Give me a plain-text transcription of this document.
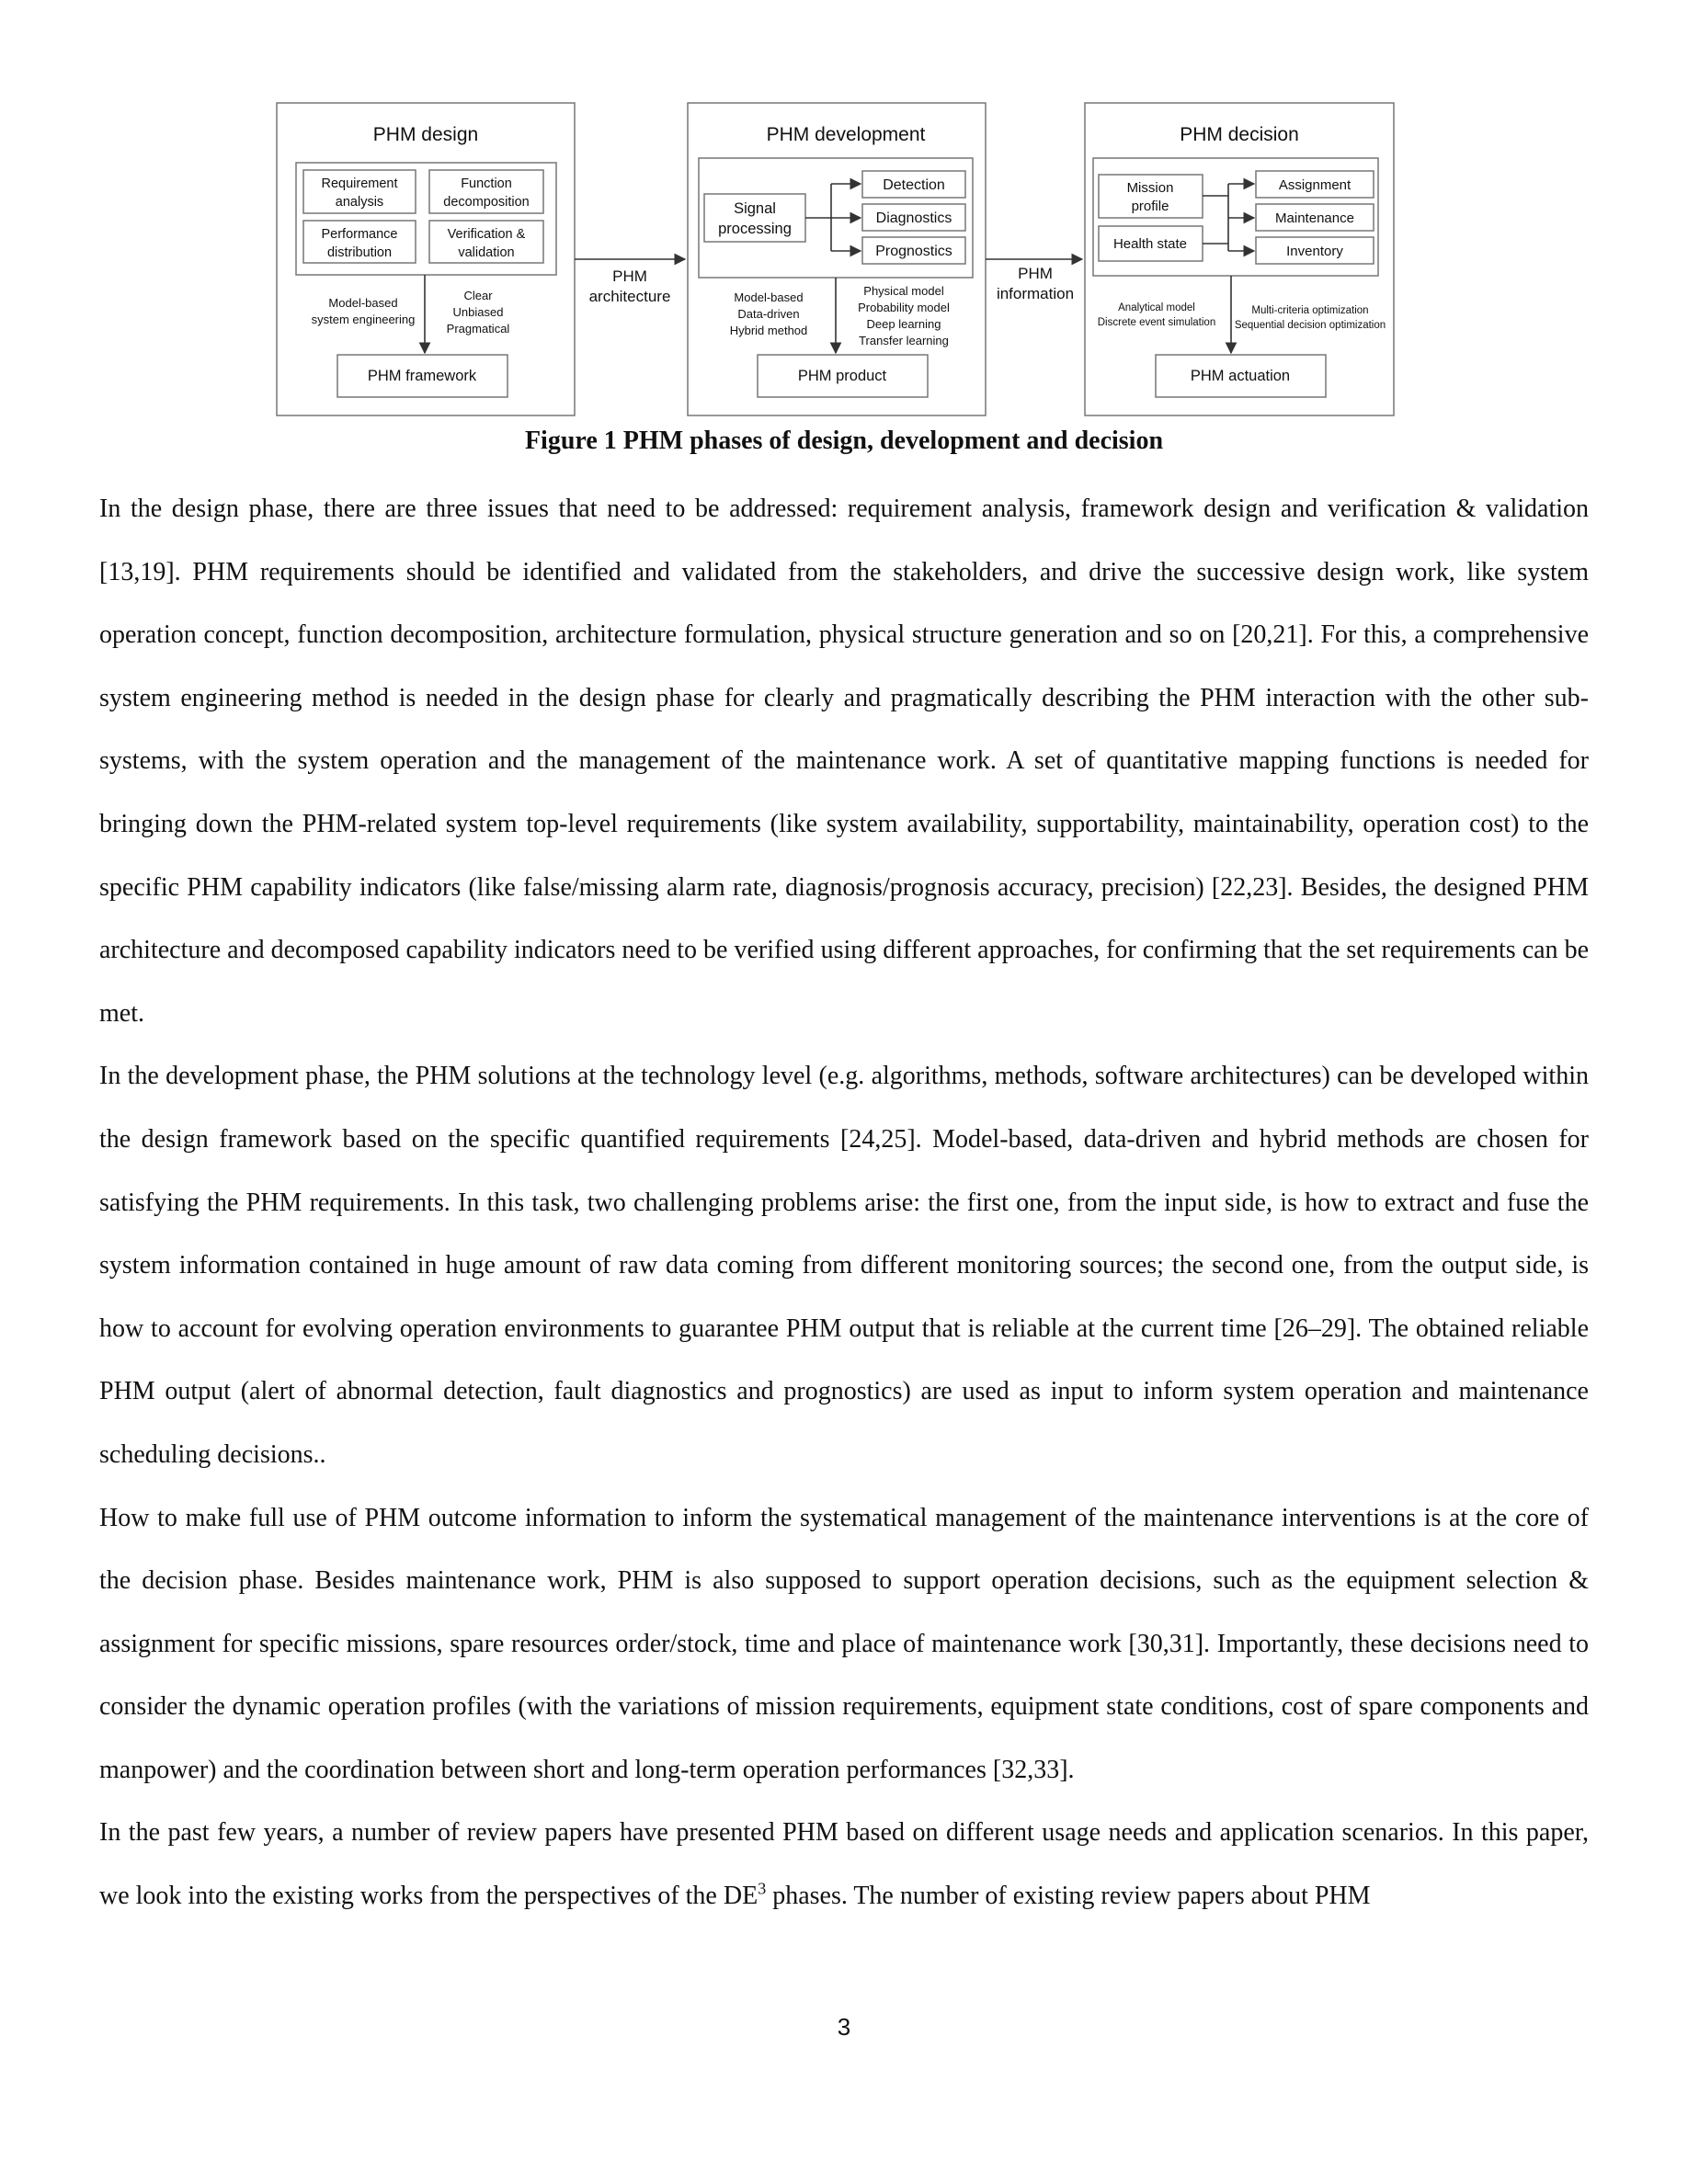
PHM design
Requirement
analysis
Function
decomposition
Performance
distribution
Verification &
validation
Model-based
system engineering
Clear
Unbiased
Pragmatical
PHM framework
PHM
architecture
PHM
information
PHM development
Signal
processing
Detection
Diagnostics
Prognostics
Model-based
Data-driven
Hybrid method
Physical model
Probability model
Deep learning
Transfer learning
PHM product
PHM decision
Mission
profile
Health state
Assignment
Maintenance
Inventory
Analytical model
Discrete event simulation
Multi-criteria optimization
Sequential decision optimization
PHM actuation
Figure 1 PHM phases of design, development and decision

In the design phase, there are three issues that need to be addressed: requirement analysis, framework design and verification & validation [13,19]. PHM requirements should be identified and validated from the stakeholders, and drive the successive design work, like system operation concept, function decomposition, architecture formulation, physical structure generation and so on [20,21]. For this, a comprehensive system engineering method is needed in the design phase for clearly and pragmatically describing the PHM interaction with the other sub-systems, with the system operation and the management of the maintenance work. A set of quantitative mapping functions is needed for bringing down the PHM-related system top-level requirements (like system availability, supportability, maintainability, operation cost) to the specific PHM capability indicators (like false/missing alarm rate, diagnosis/prognosis accuracy, precision) [22,23]. Besides, the designed PHM architecture and decomposed capability indicators need to be verified using different approaches, for confirming that the set requirements can be met.

In the development phase, the PHM solutions at the technology level (e.g. algorithms, methods, software architectures) can be developed within the design framework based on the specific quantified requirements [24,25]. Model-based, data-driven and hybrid methods are chosen for satisfying the PHM requirements. In this task, two challenging problems arise: the first one, from the input side, is how to extract and fuse the system information contained in huge amount of raw data coming from different monitoring sources; the second one, from the output side, is how to account for evolving operation environments to guarantee PHM output that is reliable at the current time [26–29]. The obtained reliable PHM output (alert of abnormal detection, fault diagnostics and prognostics) are used as input to inform system operation and maintenance scheduling decisions..

How to make full use of PHM outcome information to inform the systematical management of the maintenance interventions is at the core of the decision phase. Besides maintenance work, PHM is also supposed to support operation decisions, such as the equipment selection & assignment for specific missions, spare resources order/stock, time and place of maintenance work [30,31]. Importantly, these decisions need to consider the dynamic operation profiles (with the variations of mission requirements, equipment state conditions, cost of spare components and manpower) and the coordination between short and long-term operation performances [32,33].

In the past few years, a number of review papers have presented PHM based on different usage needs and application scenarios. In this paper, we look into the existing works from the perspectives of the $DE^3$ phases. The number of existing review papers about PHM

3
